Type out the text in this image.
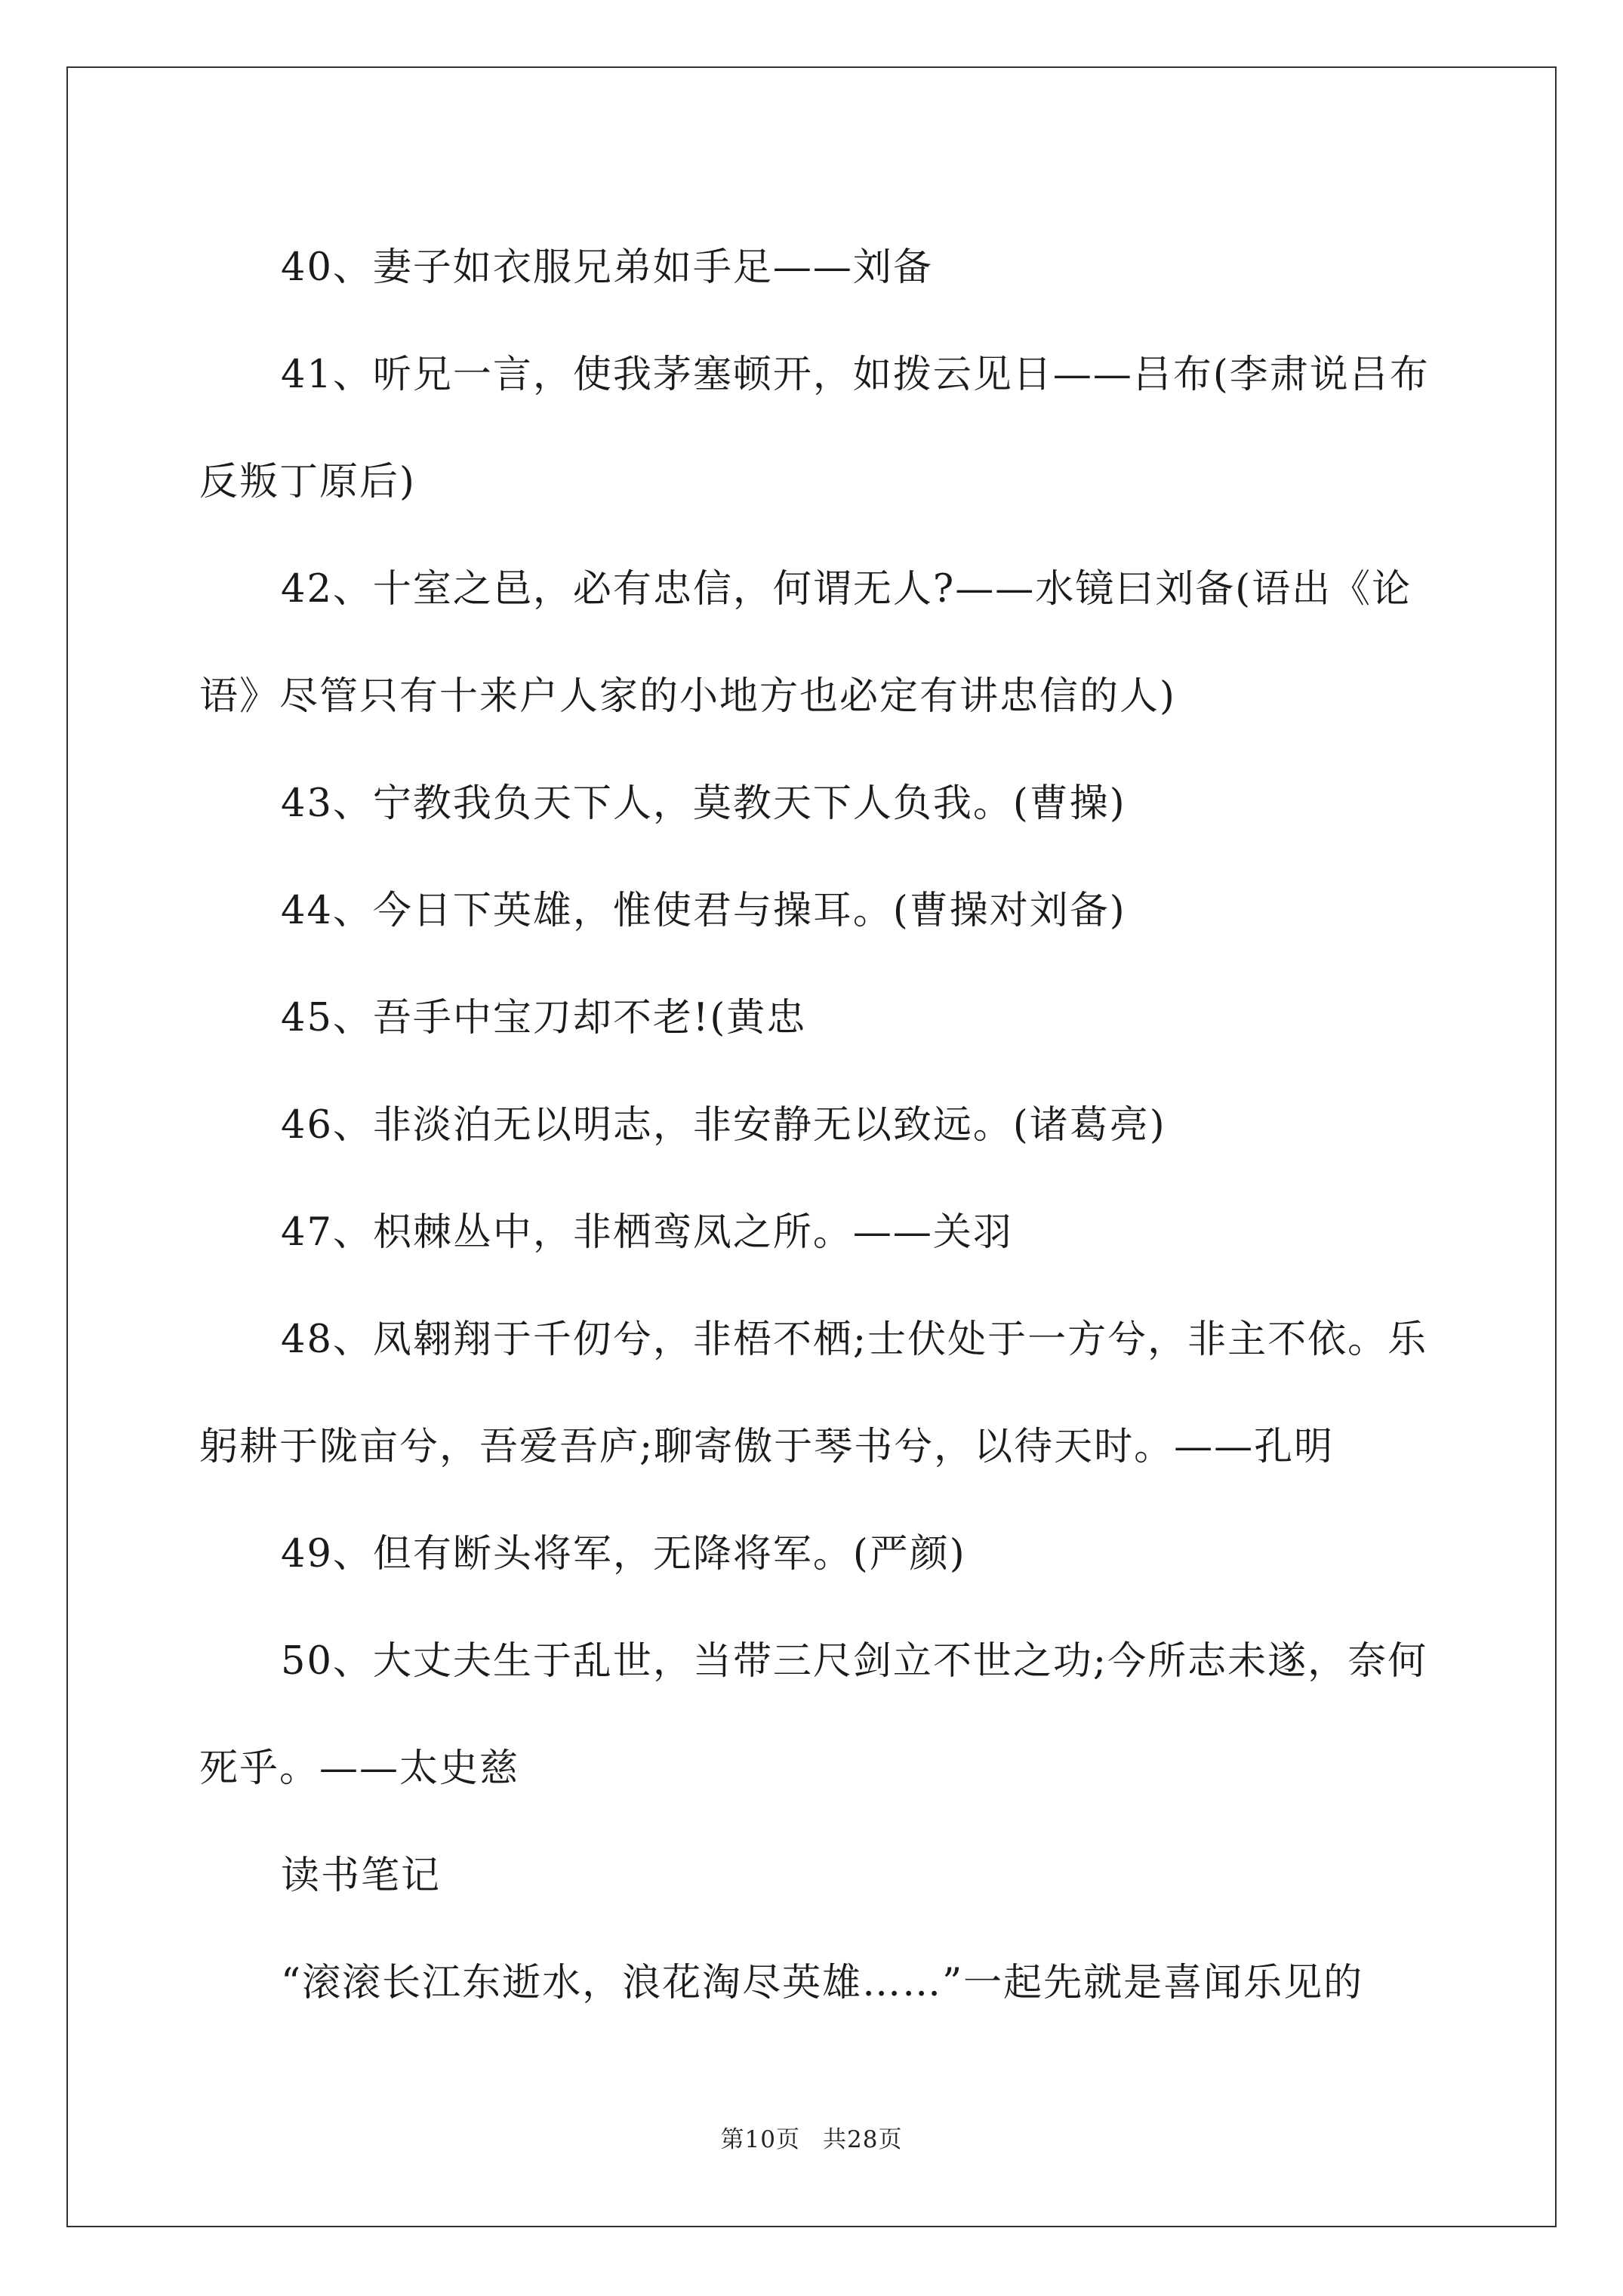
40、妻子如衣服兄弟如手足——刘备

41、听兄一言，使我茅塞顿开，如拨云见日——吕布(李肃说吕布反叛丁原后)

42、十室之邑，必有忠信，何谓无人?——水镜曰刘备(语出《论语》尽管只有十来户人家的小地方也必定有讲忠信的人)

43、宁教我负天下人，莫教天下人负我。(曹操)

44、今日下英雄，惟使君与操耳。(曹操对刘备)

45、吾手中宝刀却不老!(黄忠

46、非淡泊无以明志，非安静无以致远。(诸葛亮)

47、枳棘丛中，非栖鸾凤之所。——关羽

48、凤翱翔于千仞兮，非梧不栖;士伏处于一方兮，非主不依。乐躬耕于陇亩兮，吾爱吾庐;聊寄傲于琴书兮，以待天时。——孔明

49、但有断头将军，无降将军。(严颜)

50、大丈夫生于乱世，当带三尺剑立不世之功;今所志未遂，奈何死乎。——太史慈

读书笔记

“滚滚长江东逝水，浪花淘尽英雄……”一起先就是喜闻乐见的

第10页 共28页
